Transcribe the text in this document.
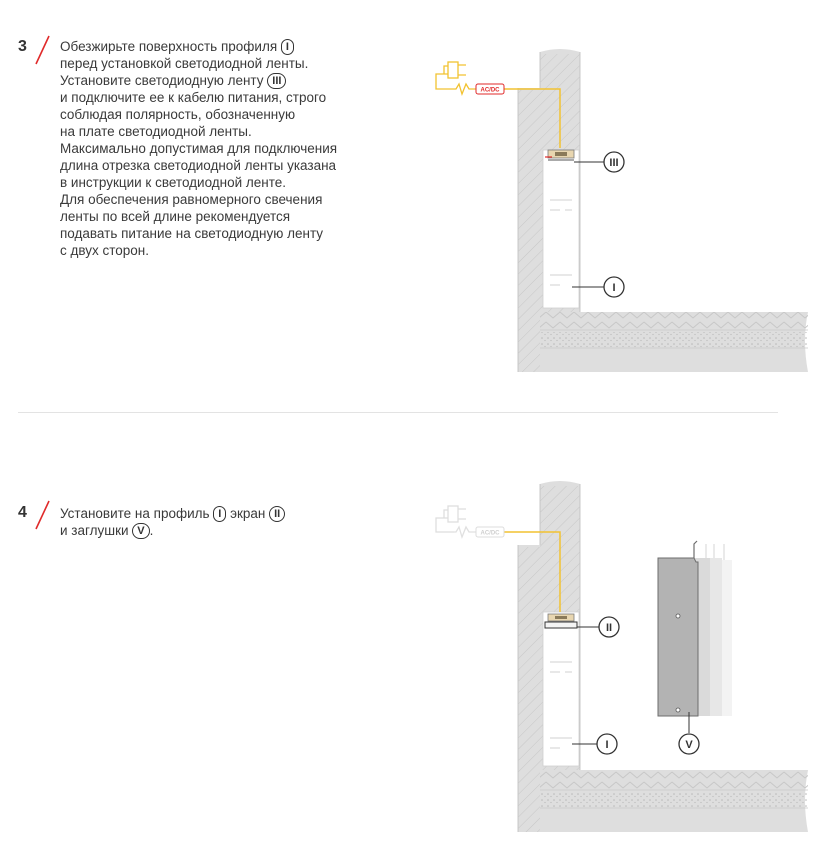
3 Обезжирьте поверхность профиля I
перед установкой светодиодной ленты.
Установите светодиодную ленту III
и подключите ее к кабелю питания, строго
соблюдая полярность, обозначенную
на плате светодиодной ленты.
Максимально допустимая для подключения
длина отрезка светодиодной ленты указана
в инструкции к светодиодной ленте.
Для обеспечения равномерного свечения
ленты по всей длине рекомендуется
подавать питание на светодиодную ленту
с двух сторон.
AC/DC
III
I
4 Установите на профиль I экран II
и заглушки V .	AC/DC
II
I	V
